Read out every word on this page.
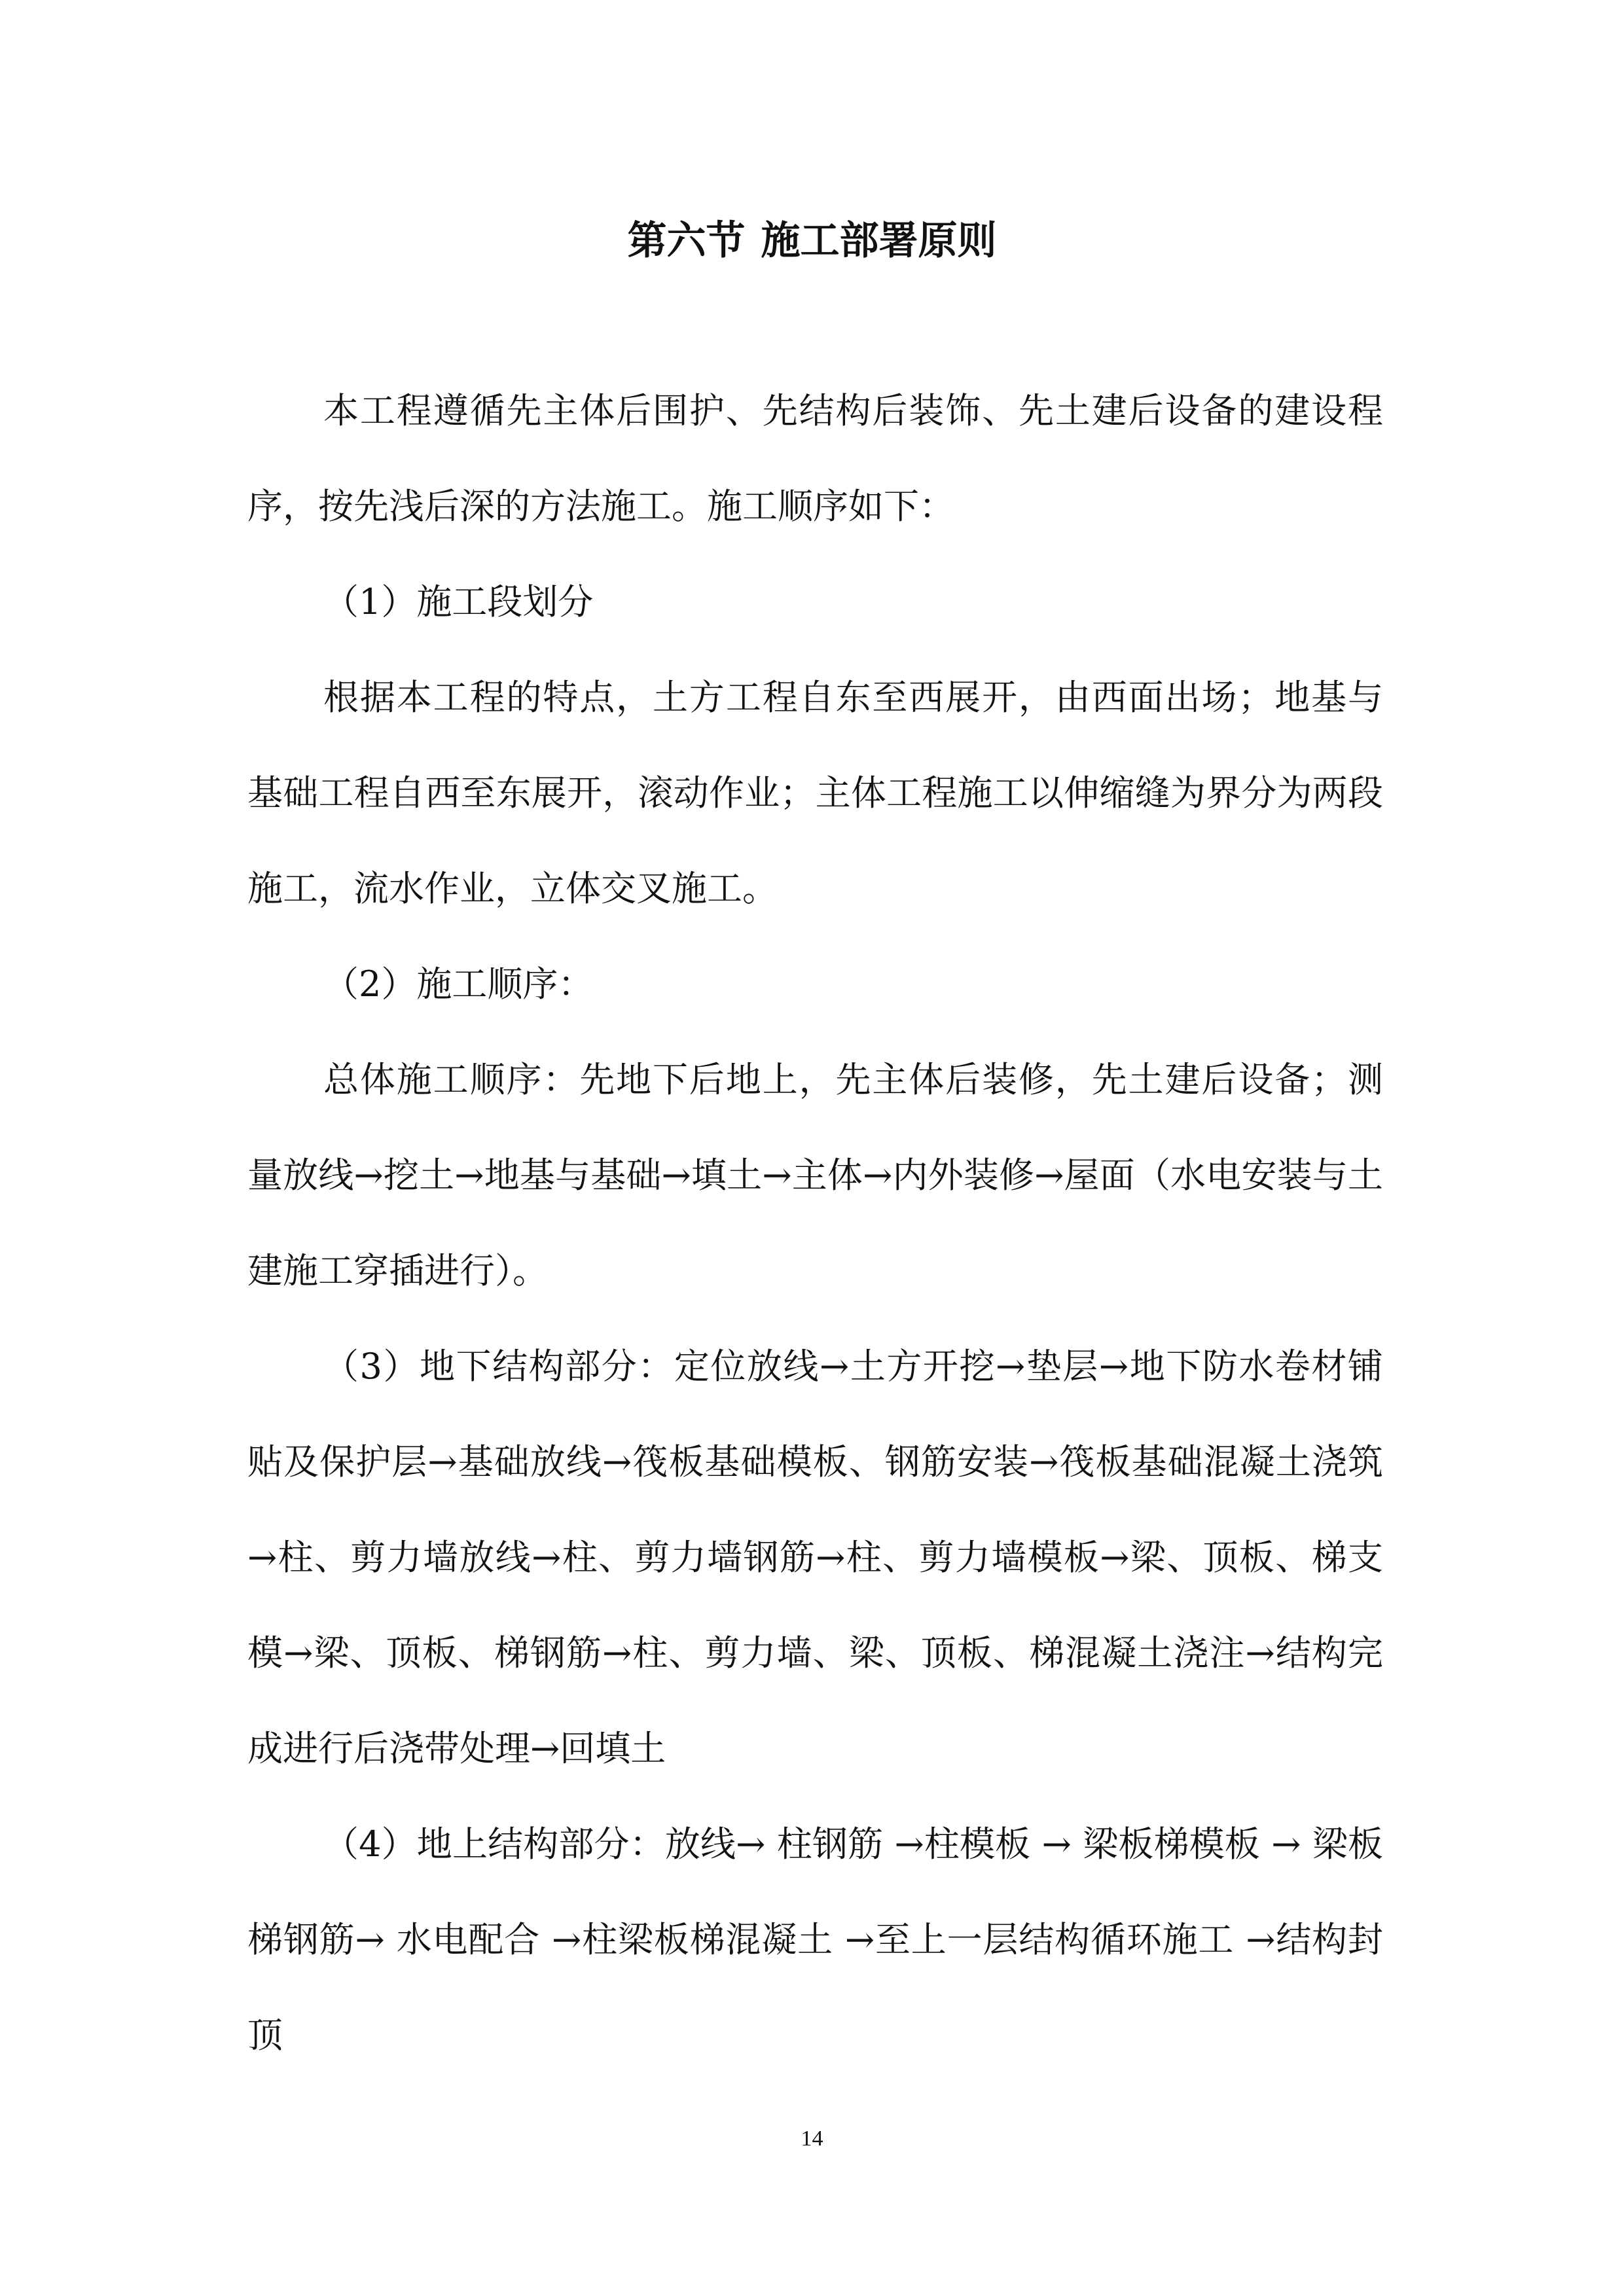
第六节 施工部署原则

本工程遵循先主体后围护、先结构后装饰、先土建后设备的建设程序，按先浅后深的方法施工。施工顺序如下：

（1）施工段划分

根据本工程的特点，土方工程自东至西展开，由西面出场；地基与基础工程自西至东展开，滚动作业；主体工程施工以伸缩缝为界分为两段施工，流水作业，立体交叉施工。

（2）施工顺序：

总体施工顺序：先地下后地上，先主体后装修，先土建后设备；测量放线→挖土→地基与基础→填土→主体→内外装修→屋面（水电安装与土建施工穿插进行）。

（3）地下结构部分：定位放线→土方开挖→垫层→地下防水卷材铺贴及保护层→基础放线→筏板基础模板、钢筋安装→筏板基础混凝土浇筑→柱、剪力墙放线→柱、剪力墙钢筋→柱、剪力墙模板→梁、顶板、梯支模→梁、顶板、梯钢筋→柱、剪力墙、梁、顶板、梯混凝土浇注→结构完成进行后浇带处理→回填土

（4）地上结构部分：放线→ 柱钢筋 →柱模板 → 梁板梯模板 → 梁板梯钢筋→ 水电配合 →柱梁板梯混凝土 →至上一层结构循环施工 →结构封顶

14
